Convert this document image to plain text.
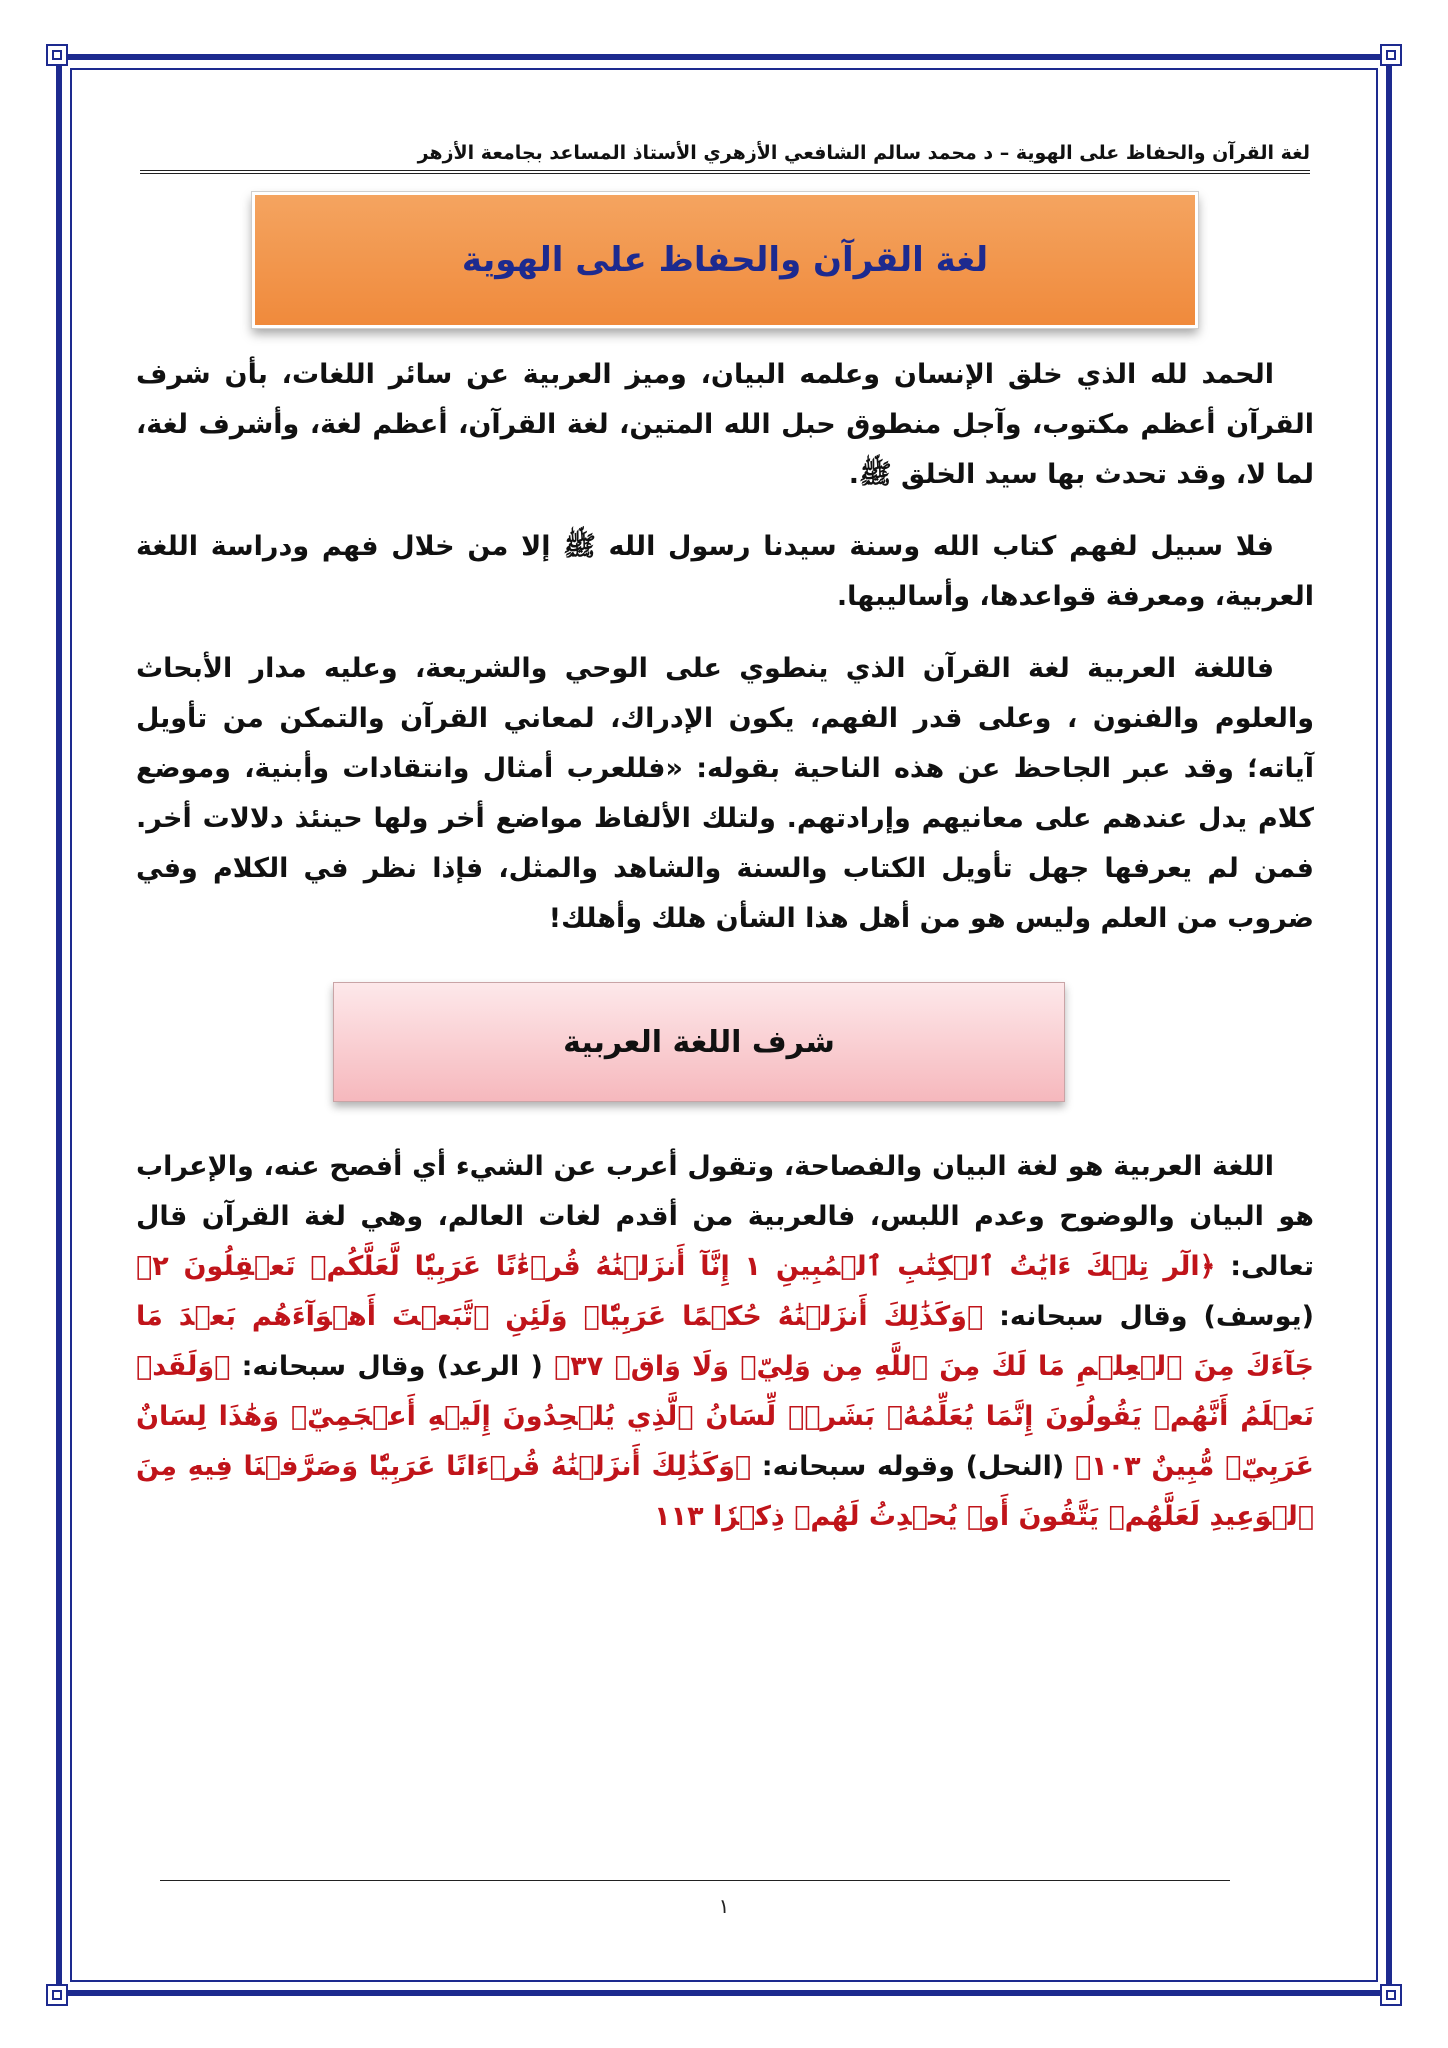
لغة القرآن والحفاظ على الهوية – د محمد سالم الشافعي الأزهري الأستاذ المساعد بجامعة الأزهر
لغة القرآن والحفاظ على الهوية

الحمد لله الذي خلق الإنسان وعلمه البيان، وميز العربية عن سائر اللغات، بأن شرف القرآن أعظم مكتوب، وآجل منطوق حبل الله المتين، لغة القرآن، أعظم لغة، وأشرف لغة، لما لا، وقد تحدث بها سيد الخلق ﷺ.

فلا سبيل لفهم كتاب الله وسنة سيدنا رسول الله ﷺ إلا من خلال فهم ودراسة اللغة العربية، ومعرفة قواعدها، وأساليبها.

فاللغة العربية لغة القرآن الذي ينطوي على الوحي والشريعة، وعليه مدار الأبحاث والعلوم والفنون ، وعلى قدر الفهم، يكون الإدراك، لمعاني القرآن والتمكن من تأويل آياته؛ وقد عبر الجاحظ عن هذه الناحية بقوله: «فللعرب أمثال وانتقادات وأبنية، وموضع كلام يدل عندهم على معانيهم وإرادتهم. ولتلك الألفاظ مواضع أخر ولها حينئذ دلالات أخر. فمن لم يعرفها جهل تأويل الكتاب والسنة والشاهد والمثل، فإذا نظر في الكلام وفي ضروب من العلم وليس هو من أهل هذا الشأن هلك وأهلك!

شرف اللغة العربية

اللغة العربية هو لغة البيان والفصاحة، وتقول أعرب عن الشيء أي أفصح عنه، والإعراب هو البيان والوضوح وعدم اللبس، فالعربية من أقدم لغات العالم، وهي لغة القرآن قال تعالى: ﴿الٓر تِلۡكَ ءَايَٰتُ ٱلۡكِتَٰبِ ٱلۡمُبِينِ ١ إِنَّآ أَنزَلۡنَٰهُ قُرۡءَٰنًا عَرَبِيّٗا لَّعَلَّكُمۡ تَعۡقِلُونَ ٢﴾ (يوسف) وقال سبحانه: ﴿وَكَذَٰلِكَ أَنزَلۡنَٰهُ حُكۡمًا عَرَبِيّٗاۚ وَلَئِنِ ٱتَّبَعۡتَ أَهۡوَآءَهُم بَعۡدَ مَا جَآءَكَ مِنَ ٱلۡعِلۡمِ مَا لَكَ مِنَ ٱللَّهِ مِن وَلِيّٖ وَلَا وَاقٖ ٣٧﴾ ( الرعد) وقال سبحانه: ﴿وَلَقَدۡ نَعۡلَمُ أَنَّهُمۡ يَقُولُونَ إِنَّمَا يُعَلِّمُهُۥ بَشَرٞۗ لِّسَانُ ٱلَّذِي يُلۡحِدُونَ إِلَيۡهِ أَعۡجَمِيّٞ وَهَٰذَا لِسَانٌ عَرَبِيّٞ مُّبِينٌ ١٠٣﴾ (النحل) وقوله سبحانه: ﴿وَكَذَٰلِكَ أَنزَلۡنَٰهُ قُرۡءَانًا عَرَبِيّٗا وَصَرَّفۡنَا فِيهِ مِنَ ٱلۡوَعِيدِ لَعَلَّهُمۡ يَتَّقُونَ أَوۡ يُحۡدِثُ لَهُمۡ ذِكۡرٗا ١١٣

١
